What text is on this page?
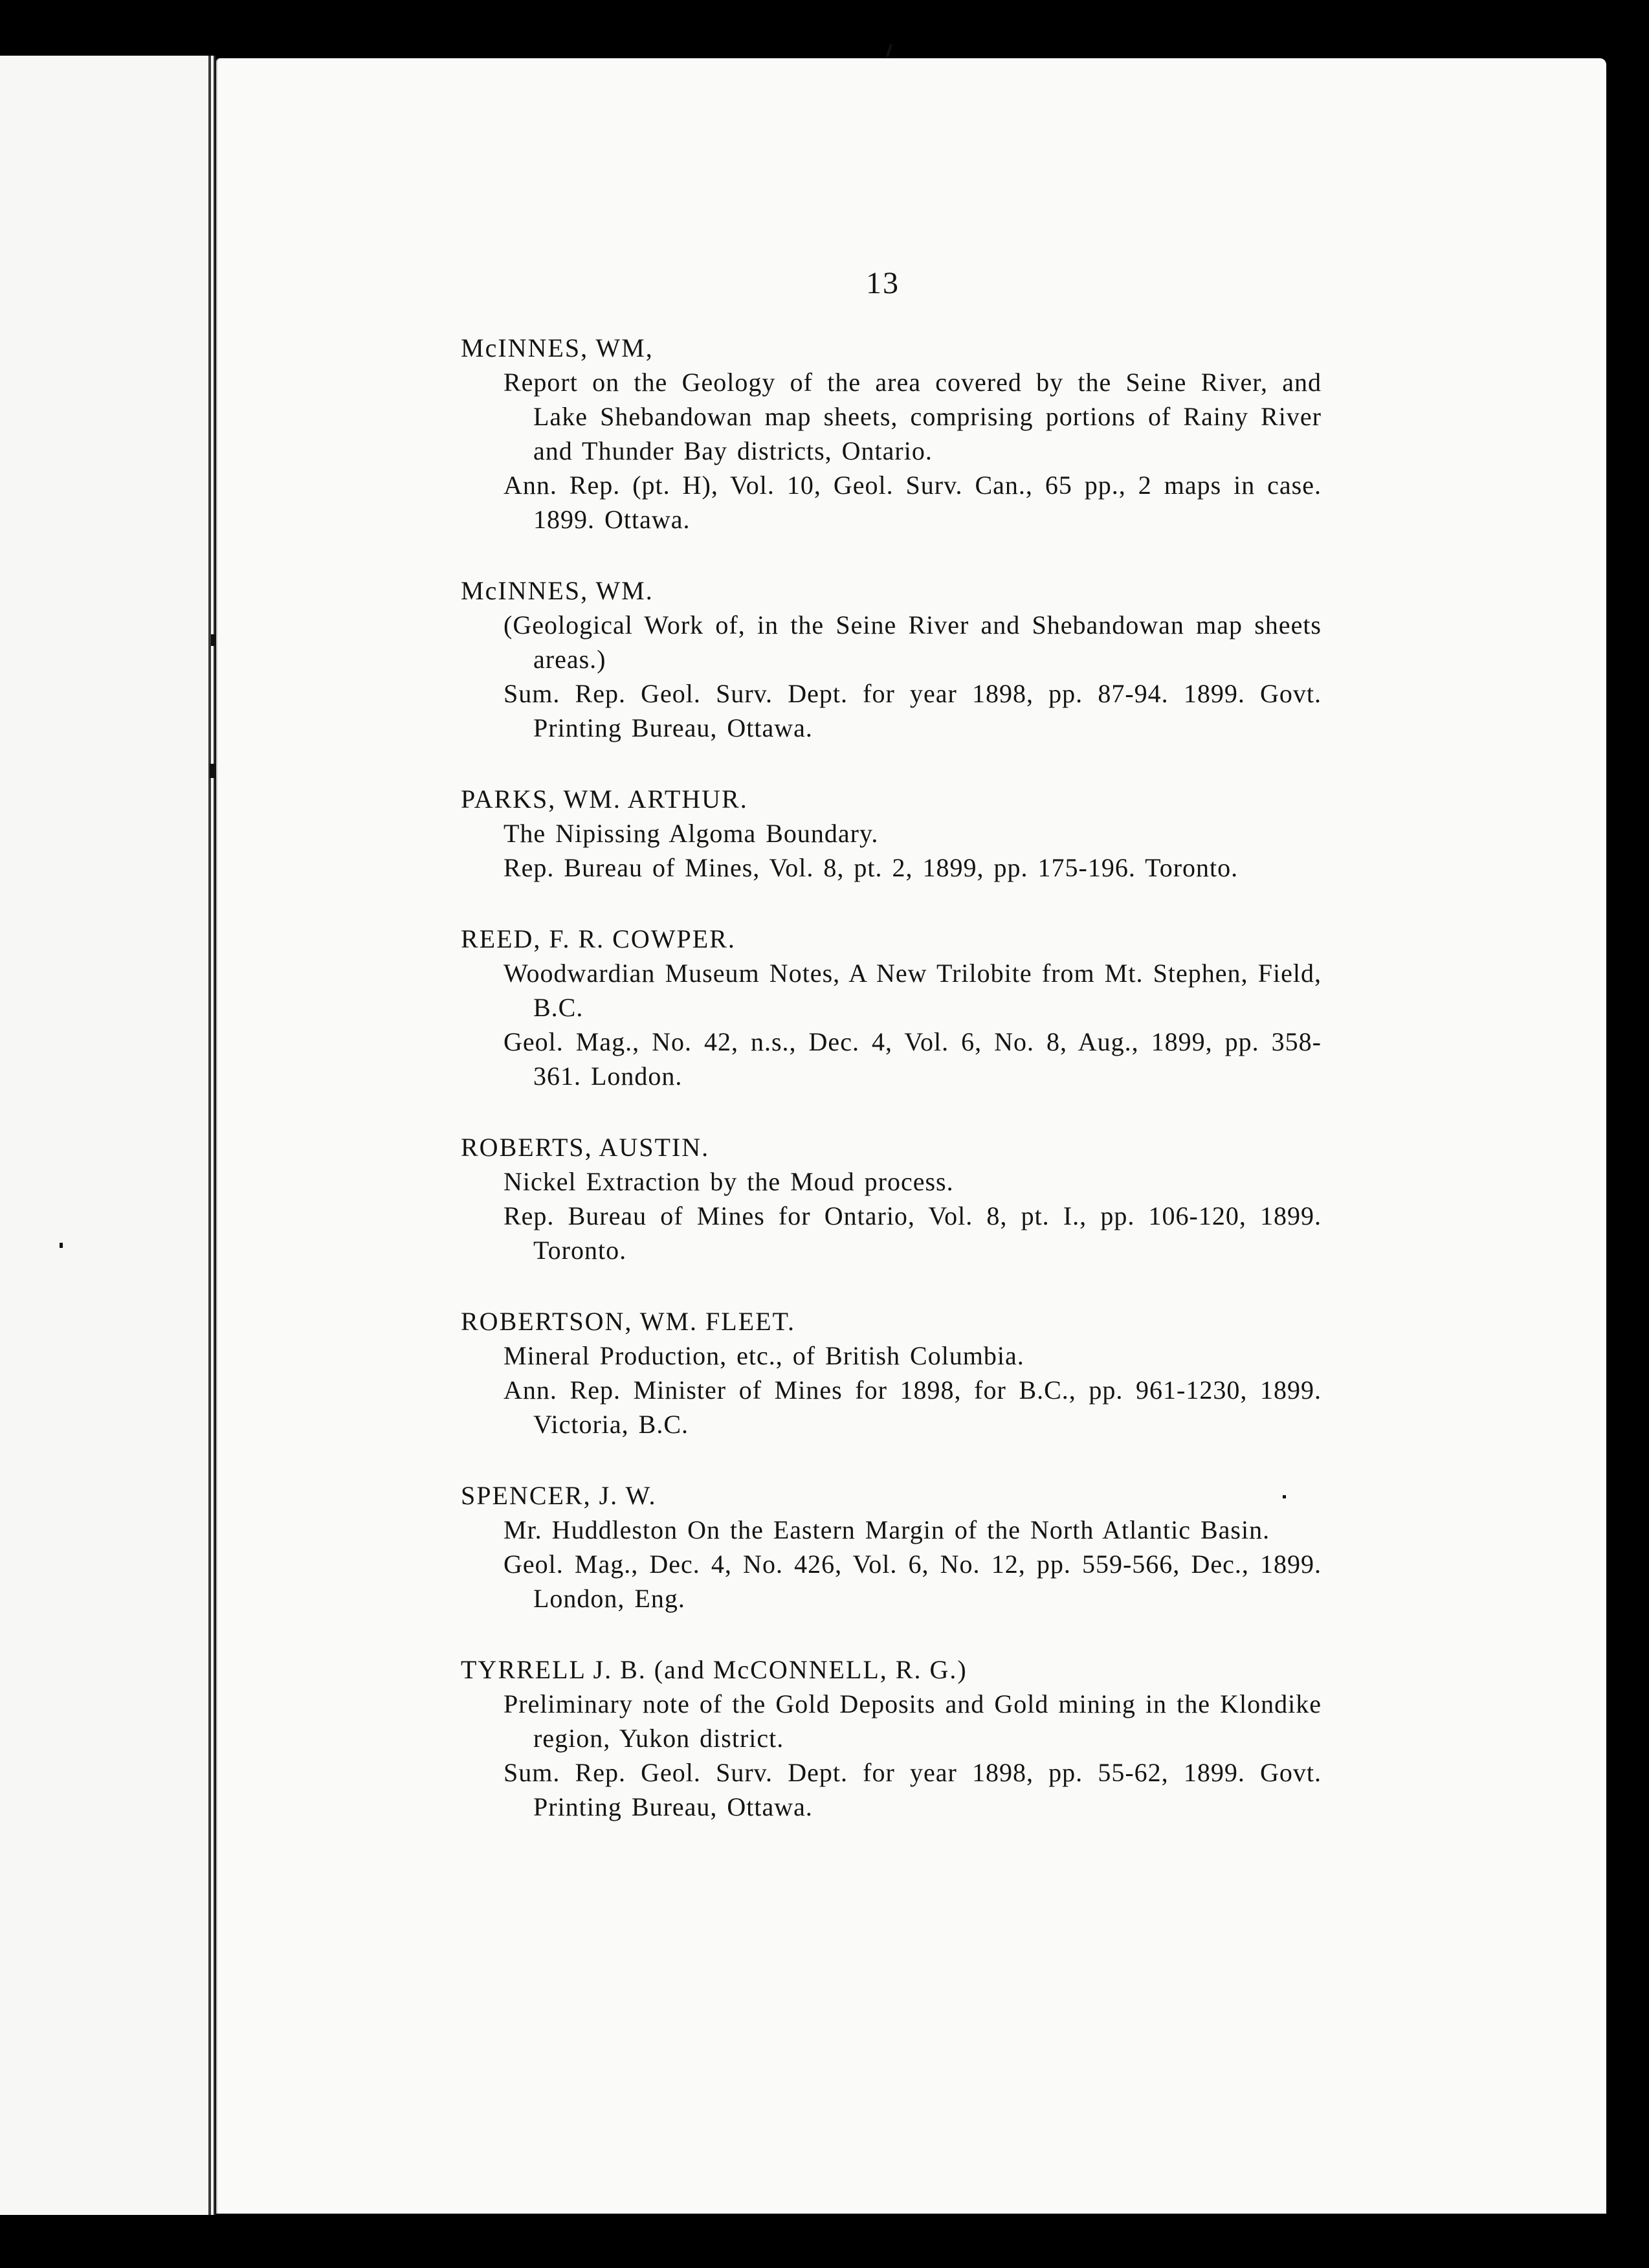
13
McINNES, WM,
Report on the Geology of the area covered by the Seine River, and Lake Shebandowan map sheets, comprising portions of Rainy River and Thunder Bay districts, Ontario.
Ann. Rep. (pt. H), Vol. 10, Geol. Surv. Can., 65 pp., 2 maps in case. 1899. Ottawa.
McINNES, WM.
(Geological Work of, in the Seine River and Shebandowan map sheets areas.)
Sum. Rep. Geol. Surv. Dept. for year 1898, pp. 87-94. 1899. Govt. Printing Bureau, Ottawa.
PARKS, WM. ARTHUR.
The Nipissing Algoma Boundary.
Rep. Bureau of Mines, Vol. 8, pt. 2, 1899, pp. 175-196. Toronto.
REED, F. R. COWPER.
Woodwardian Museum Notes, A New Trilobite from Mt. Stephen, Field, B.C.
Geol. Mag., No. 42, n.s., Dec. 4, Vol. 6, No. 8, Aug., 1899, pp. 358-361. London.
ROBERTS, AUSTIN.
Nickel Extraction by the Moud process.
Rep. Bureau of Mines for Ontario, Vol. 8, pt. I., pp. 106-120, 1899. Toronto.
ROBERTSON, WM. FLEET.
Mineral Production, etc., of British Columbia.
Ann. Rep. Minister of Mines for 1898, for B.C., pp. 961-1230, 1899. Victoria, B.C.
SPENCER, J. W.
Mr. Huddleston On the Eastern Margin of the North Atlantic Basin.
Geol. Mag., Dec. 4, No. 426, Vol. 6, No. 12, pp. 559-566, Dec., 1899. London, Eng.
TYRRELL J. B. (and McCONNELL, R. G.)
Preliminary note of the Gold Deposits and Gold mining in the Klondike region, Yukon district.
Sum. Rep. Geol. Surv. Dept. for year 1898, pp. 55-62, 1899. Govt. Printing Bureau, Ottawa.
